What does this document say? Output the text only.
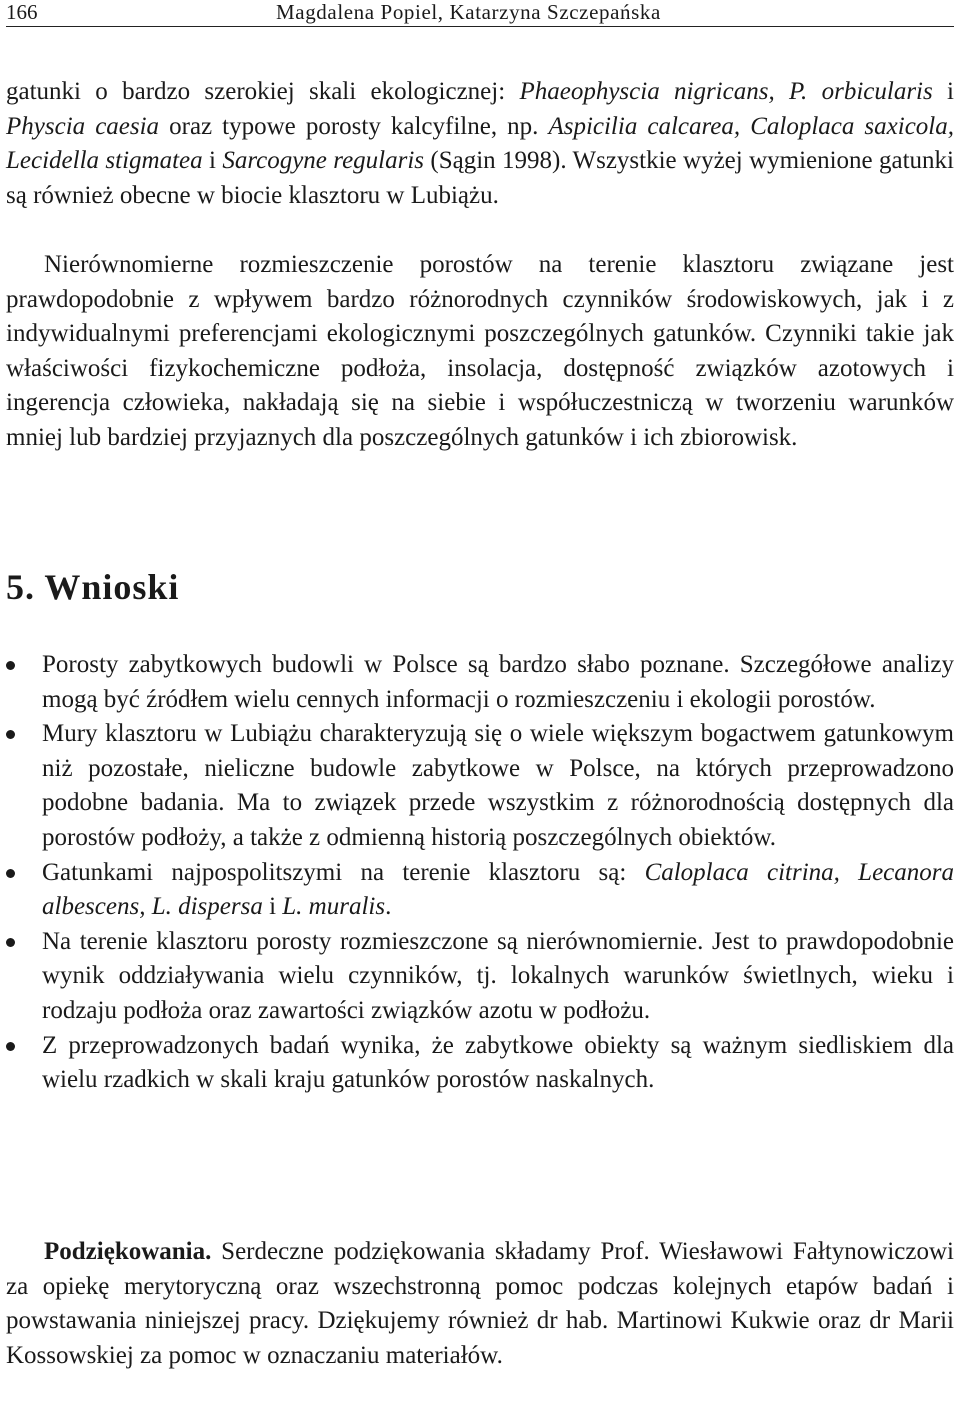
166	Magdalena Popiel, Katarzyna Szczepańska

gatunki o bardzo szerokiej skali ekologicznej: Phaeophyscia nigricans, P. orbicularis i Physcia caesia oraz typowe porosty kalcyfilne, np. Aspicilia calcarea, Caloplaca saxicola, Lecidella stigmatea i Sarcogyne regularis (Sągin 1998). Wszystkie wyżej wymienione gatunki są również obecne w biocie klasztoru w Lubiążu.

Nierównomierne rozmieszczenie porostów na terenie klasztoru związane jest prawdopodobnie z wpływem bardzo różnorodnych czynników środowiskowych, jak i z indywidualnymi preferencjami ekologicznymi poszczególnych gatunków. Czynniki takie jak właściwości fizykochemiczne podłoża, insolacja, dostępność związków azotowych i ingerencja człowieka, nakładają się na siebie i współuczestniczą w tworzeniu warunków mniej lub bardziej przyjaznych dla poszczególnych gatunków i ich zbiorowisk.

5. Wnioski
Porosty zabytkowych budowli w Polsce są bardzo słabo poznane. Szczegółowe analizy mogą być źródłem wielu cennych informacji o rozmieszczeniu i ekologii porostów.
Mury klasztoru w Lubiążu charakteryzują się o wiele większym bogactwem gatunkowym niż pozostałe, nieliczne budowle zabytkowe w Polsce, na których przeprowadzono podobne badania. Ma to związek przede wszystkim z różnorodnością dostępnych dla porostów podłoży, a także z odmienną historią poszczególnych obiektów.
Gatunkami najpospolitszymi na terenie klasztoru są: Caloplaca citrina, Lecanora albescens, L. dispersa i L. muralis.
Na terenie klasztoru porosty rozmieszczone są nierównomiernie. Jest to prawdopodobnie wynik oddziaływania wielu czynników, tj. lokalnych warunków świetlnych, wieku i rodzaju podłoża oraz zawartości związków azotu w podłożu.
Z przeprowadzonych badań wynika, że zabytkowe obiekty są ważnym siedliskiem dla wielu rzadkich w skali kraju gatunków porostów naskalnych.

Podziękowania. Serdeczne podziękowania składamy Prof. Wiesławowi Fałtynowiczowi za opiekę merytoryczną oraz wszechstronną pomoc podczas kolejnych etapów badań i powstawania niniejszej pracy. Dziękujemy również dr hab. Martinowi Kukwie oraz dr Marii Kossowskiej za pomoc w oznaczaniu materiałów.
